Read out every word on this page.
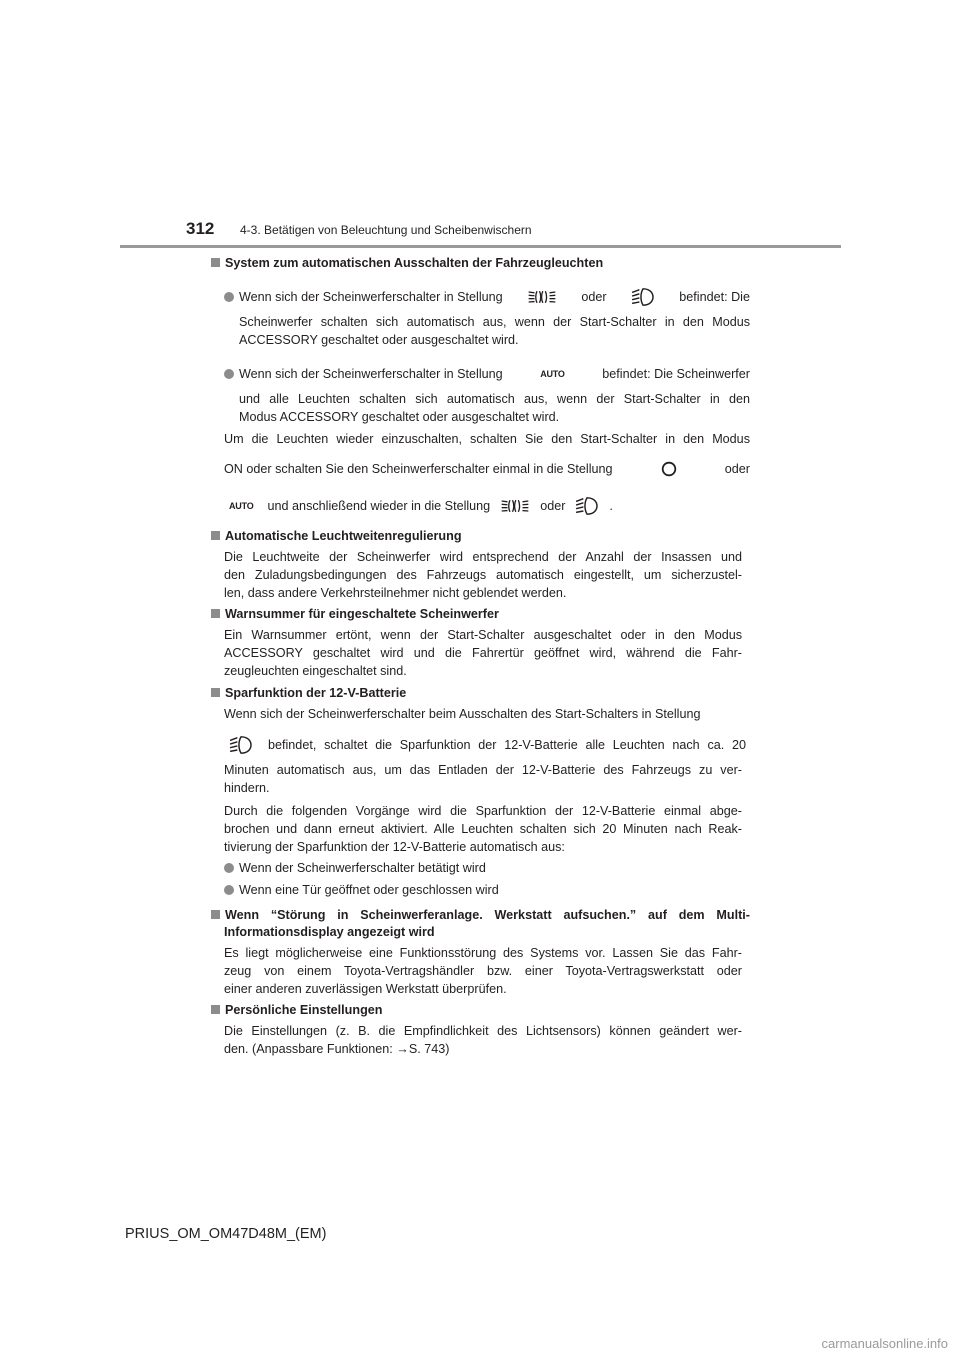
312 4-3. Betätigen von Beleuchtung und Scheibenwischern
System zum automatischen Ausschalten der Fahrzeugleuchten
Wenn sich der Scheinwerferschalter in Stellung	oder	befindet: Die
Scheinwerfer schalten sich automatisch aus, wenn der Start-Schalter in den Modus
ACCESSORY geschaltet oder ausgeschaltet wird.
Wenn sich der Scheinwerferschalter in Stellung	AUTO	befindet: Die Scheinwerfer
und alle Leuchten schalten sich automatisch aus, wenn der Start-Schalter in den
Modus ACCESSORY geschaltet oder ausgeschaltet wird.
Um die Leuchten wieder einzuschalten, schalten Sie den Start-Schalter in den Modus
ON oder schalten Sie den Scheinwerferschalter einmal in die Stellung	oder
AUTO und anschließend wieder in die Stellung	oder	.
Automatische Leuchtweitenregulierung
Die Leuchtweite der Scheinwerfer wird entsprechend der Anzahl der Insassen und
den Zuladungsbedingungen des Fahrzeugs automatisch eingestellt, um sicherzustel-
len, dass andere Verkehrsteilnehmer nicht geblendet werden.
Warnsummer für eingeschaltete Scheinwerfer
Ein Warnsummer ertönt, wenn der Start-Schalter ausgeschaltet oder in den Modus
ACCESSORY geschaltet wird und die Fahrertür geöffnet wird, während die Fahr-
zeugleuchten eingeschaltet sind.
Sparfunktion der 12-V-Batterie
Wenn sich der Scheinwerferschalter beim Ausschalten des Start-Schalters in Stellung
befindet, schaltet die Sparfunktion der 12-V-Batterie alle Leuchten nach ca. 20
Minuten automatisch aus, um das Entladen der 12-V-Batterie des Fahrzeugs zu ver-
hindern.
Durch die folgenden Vorgänge wird die Sparfunktion der 12-V-Batterie einmal abge-
brochen und dann erneut aktiviert. Alle Leuchten schalten sich 20 Minuten nach Reak-
tivierung der Sparfunktion der 12-V-Batterie automatisch aus:
Wenn der Scheinwerferschalter betätigt wird
Wenn eine Tür geöffnet oder geschlossen wird
Wenn “Störung in Scheinwerferanlage. Werkstatt aufsuchen.” auf dem Multi-
Informationsdisplay angezeigt wird
Es liegt möglicherweise eine Funktionsstörung des Systems vor. Lassen Sie das Fahr-
zeug von einem Toyota-Vertragshändler bzw. einer Toyota-Vertragswerkstatt oder
einer anderen zuverlässigen Werkstatt überprüfen.
Persönliche Einstellungen
Die Einstellungen (z. B. die Empfindlichkeit des Lichtsensors) können geändert wer-
den. (Anpassbare Funktionen: →S. 743)
PRIUS_OM_OM47D48M_(EM)
carmanualsonline.info
